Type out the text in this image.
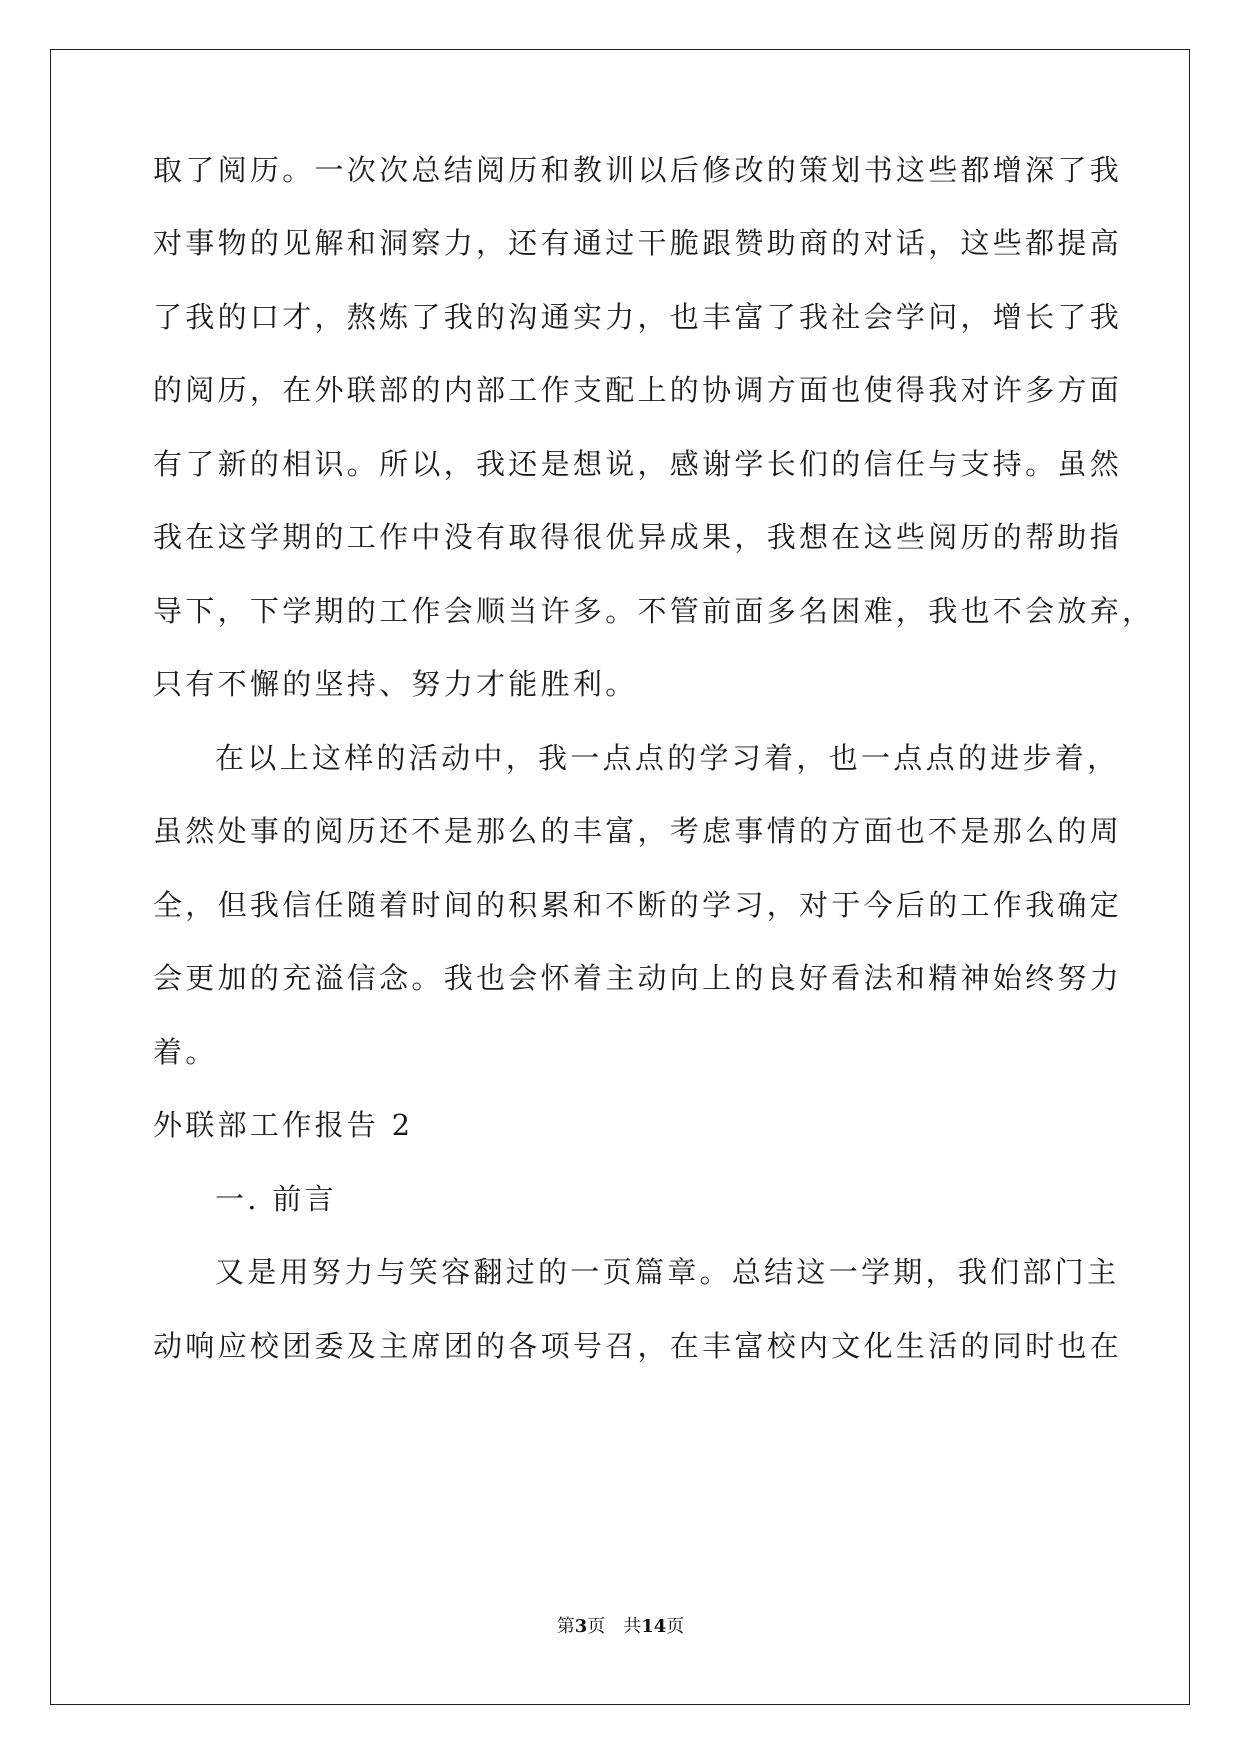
取了阅历。一次次总结阅历和教训以后修改的策划书这些都增深了我
对事物的见解和洞察力，还有通过干脆跟赞助商的对话，这些都提高
了我的口才，熬炼了我的沟通实力，也丰富了我社会学问，增长了我
的阅历，在外联部的内部工作支配上的协调方面也使得我对许多方面
有了新的相识。所以，我还是想说，感谢学长们的信任与支持。虽然
我在这学期的工作中没有取得很优异成果，我想在这些阅历的帮助指
导下，下学期的工作会顺当许多。不管前面多名困难，我也不会放弃，
只有不懈的坚持、努力才能胜利。
在以上这样的活动中，我一点点的学习着，也一点点的进步着，
虽然处事的阅历还不是那么的丰富，考虑事情的方面也不是那么的周
全，但我信任随着时间的积累和不断的学习，对于今后的工作我确定
会更加的充溢信念。我也会怀着主动向上的良好看法和精神始终努力
着。
外联部工作报告 2
一. 前言
又是用努力与笑容翻过的一页篇章。总结这一学期，我们部门主
动响应校团委及主席团的各项号召，在丰富校内文化生活的同时也在
第3页　共14页
